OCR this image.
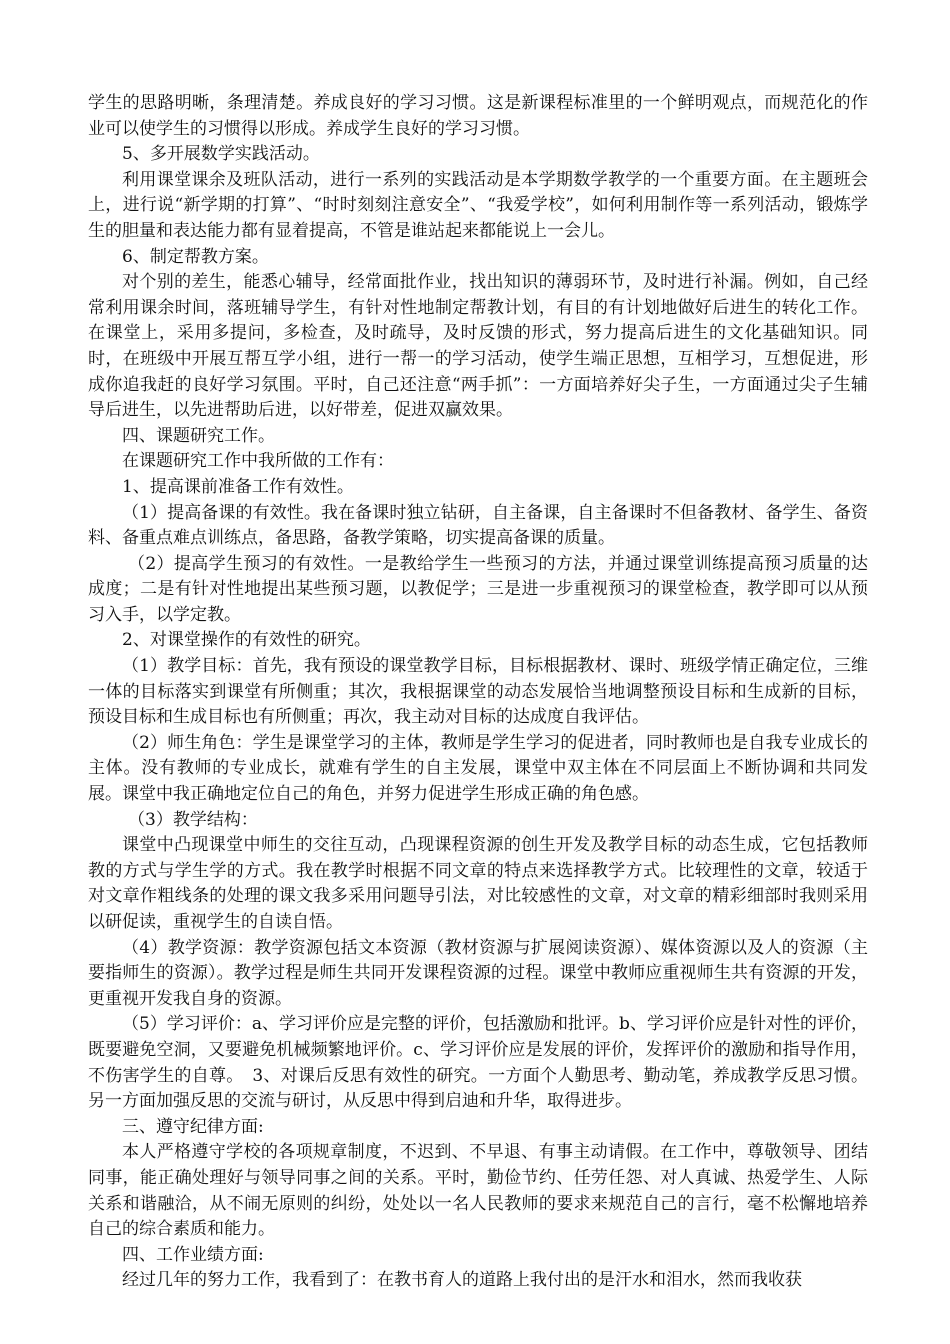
学生的思路明晰，条理清楚。养成良好的学习习惯。这是新课程标准里的一个鲜明观点，而规范化的作业可以使学生的习惯得以形成。养成学生良好的学习习惯。

5、多开展数学实践活动。

利用课堂课余及班队活动，进行一系列的实践活动是本学期数学教学的一个重要方面。在主题班会上，进行说“新学期的打算”、“时时刻刻注意安全”、“我爱学校”，如何利用制作等一系列活动，锻炼学生的胆量和表达能力都有显着提高，不管是谁站起来都能说上一会儿。

6、制定帮教方案。

对个别的差生，能悉心辅导，经常面批作业，找出知识的薄弱环节，及时进行补漏。例如，自己经常利用课余时间，落班辅导学生，有针对性地制定帮教计划，有目的有计划地做好后进生的转化工作。在课堂上，采用多提问，多检查，及时疏导，及时反馈的形式，努力提高后进生的文化基础知识。同时，在班级中开展互帮互学小组，进行一帮一的学习活动，使学生端正思想，互相学习，互想促进，形成你追我赶的良好学习氛围。平时，自己还注意“两手抓”：一方面培养好尖子生，一方面通过尖子生辅导后进生，以先进帮助后进，以好带差，促进双赢效果。

四、课题研究工作。

在课题研究工作中我所做的工作有：

1、提高课前准备工作有效性。

（1）提高备课的有效性。我在备课时独立钻研，自主备课，自主备课时不但备教材、备学生、备资料、备重点难点训练点，备思路，备教学策略，切实提高备课的质量。

（2）提高学生预习的有效性。一是教给学生一些预习的方法，并通过课堂训练提高预习质量的达成度；二是有针对性地提出某些预习题，以教促学；三是进一步重视预习的课堂检查，教学即可以从预习入手，以学定教。

2、对课堂操作的有效性的研究。

（1）教学目标：首先，我有预设的课堂教学目标，目标根据教材、课时、班级学情正确定位，三维一体的目标落实到课堂有所侧重；其次，我根据课堂的动态发展恰当地调整预设目标和生成新的目标，预设目标和生成目标也有所侧重；再次，我主动对目标的达成度自我评估。

（2）师生角色：学生是课堂学习的主体，教师是学生学习的促进者，同时教师也是自我专业成长的主体。没有教师的专业成长，就难有学生的自主发展，课堂中双主体在不同层面上不断协调和共同发展。课堂中我正确地定位自己的角色，并努力促进学生形成正确的角色感。

（3）教学结构：

课堂中凸现课堂中师生的交往互动，凸现课程资源的创生开发及教学目标的动态生成，它包括教师教的方式与学生学的方式。我在教学时根据不同文章的特点来选择教学方式。比较理性的文章，较适于对文章作粗线条的处理的课文我多采用问题导引法，对比较感性的文章，对文章的精彩细部时我则采用以研促读，重视学生的自读自悟。

（4）教学资源：教学资源包括文本资源（教材资源与扩展阅读资源）、媒体资源以及人的资源（主要指师生的资源）。教学过程是师生共同开发课程资源的过程。课堂中教师应重视师生共有资源的开发，更重视开发我自身的资源。

（5）学习评价：a、学习评价应是完整的评价，包括激励和批评。b、学习评价应是针对性的评价，既要避免空洞，又要避免机械频繁地评价。c、学习评价应是发展的评价，发挥评价的激励和指导作用，不伤害学生的自尊。　3、对课后反思有效性的研究。一方面个人勤思考、勤动笔，养成教学反思习惯。另一方面加强反思的交流与研讨，从反思中得到启迪和升华，取得进步。

三、遵守纪律方面:

本人严格遵守学校的各项规章制度，不迟到、不早退、有事主动请假。在工作中，尊敬领导、团结同事，能正确处理好与领导同事之间的关系。平时，勤俭节约、任劳任怨、对人真诚、热爱学生、人际关系和谐融洽，从不闹无原则的纠纷，处处以一名人民教师的要求来规范自己的言行，毫不松懈地培养自己的综合素质和能力。

四、工作业绩方面:

经过几年的努力工作，我看到了：在教书育人的道路上我付出的是汗水和泪水，然而我收获
